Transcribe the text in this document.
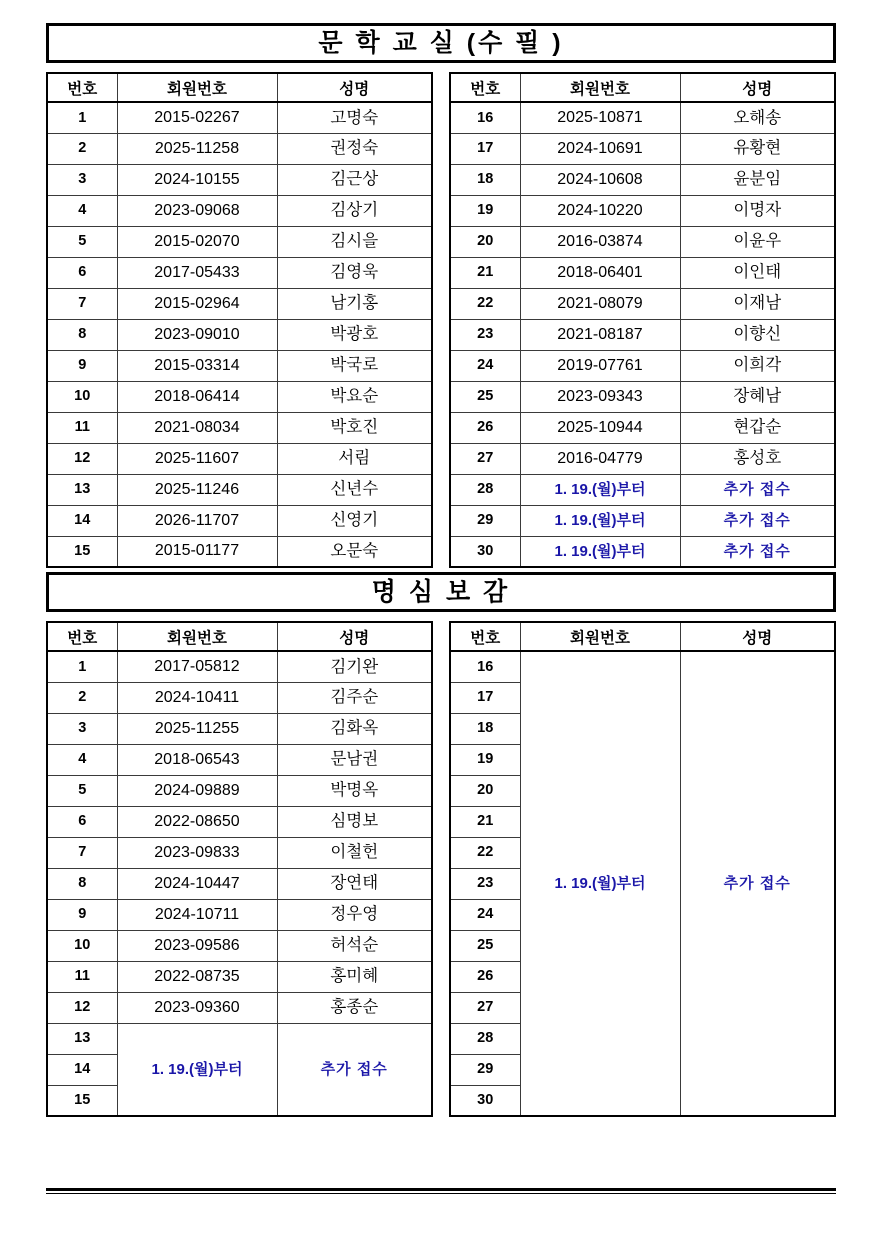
문 학 교 실 (수 필 )
번호	회원번호	성명
1	2015-02267	고명숙
2	2025-11258	권정숙
3	2024-10155	김근상
4	2023-09068	김상기
5	2015-02070	김시을
6	2017-05433	김영욱
7	2015-02964	남기홍
8	2023-09010	박광호
9	2015-03314	박국로
10	2018-06414	박요순
11	2021-08034	박호진
12	2025-11607	서림
13	2025-11246	신년수
14	2026-11707	신영기
15	2015-01177	오문숙
번호	회원번호	성명
16	2025-10871	오해송
17	2024-10691	유황현
18	2024-10608	윤분임
19	2024-10220	이명자
20	2016-03874	이윤우
21	2018-06401	이인태
22	2021-08079	이재남
23	2021-08187	이향신
24	2019-07761	이희각
25	2023-09343	장혜남
26	2025-10944	현갑순
27	2016-04779	홍성호
28	1. 19.(월)부터	추가 접수
29	1. 19.(월)부터	추가 접수
30	1. 19.(월)부터	추가 접수
명 심 보 감
번호	회원번호	성명
1	2017-05812	김기완
2	2024-10411	김주순
3	2025-11255	김화옥
4	2018-06543	문남권
5	2024-09889	박명옥
6	2022-08650	심명보
7	2023-09833	이철헌
8	2024-10447	장연태
9	2024-10711	정우영
10	2023-09586	허석순
11	2022-08735	홍미혜
12	2023-09360	홍종순
13	1. 19.(월)부터	추가 접수
14		
15		
번호	회원번호	성명
16	1. 19.(월)부터	추가 접수
17		
18		
19		
20		
21		
22		
23		
24		
25		
26		
27		
28		
29		
30		
